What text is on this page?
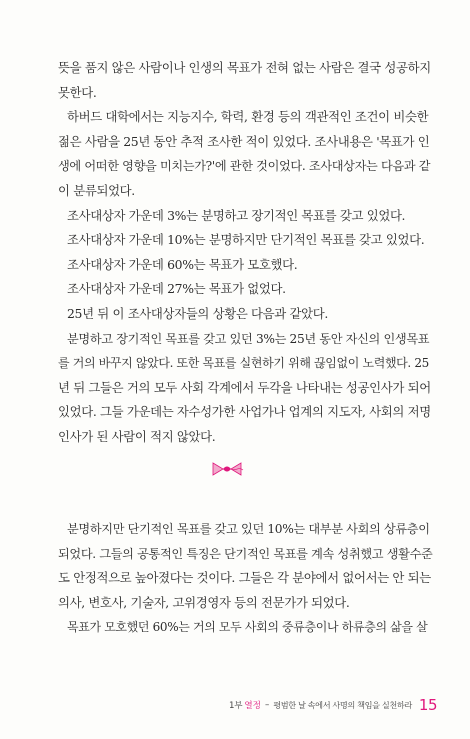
뜻을 품지 않은 사람이나 인생의 목표가 전혀 없는 사람은 결국 성공하지
못한다.
하버드 대학에서는 지능지수, 학력, 환경 등의 객관적인 조건이 비슷한
젊은 사람을 25년 동안 추적 조사한 적이 있었다. 조사내용은 '목표가 인
생에 어떠한 영향을 미치는가?'에 관한 것이었다. 조사대상자는 다음과 같
이 분류되었다.
조사대상자 가운데 3%는 분명하고 장기적인 목표를 갖고 있었다.
조사대상자 가운데 10%는 분명하지만 단기적인 목표를 갖고 있었다.
조사대상자 가운데 60%는 목표가 모호했다.
조사대상자 가운데 27%는 목표가 없었다.
25년 뒤 이 조사대상자들의 상황은 다음과 같았다.
분명하고 장기적인 목표를 갖고 있던 3%는 25년 동안 자신의 인생목표
를 거의 바꾸지 않았다. 또한 목표를 실현하기 위해 끊임없이 노력했다. 25
년 뒤 그들은 거의 모두 사회 각계에서 두각을 나타내는 성공인사가 되어
있었다. 그들 가운데는 자수성가한 사업가나 업계의 지도자, 사회의 저명
인사가 된 사람이 적지 않았다.
분명하지만 단기적인 목표를 갖고 있던 10%는 대부분 사회의 상류층이
되었다. 그들의 공통적인 특징은 단기적인 목표를 계속 성취했고 생활수준
도 안정적으로 높아졌다는 것이다. 그들은 각 분야에서 없어서는 안 되는
의사, 변호사, 기술자, 고위경영자 등의 전문가가 되었다.
목표가 모호했던 60%는 거의 모두 사회의 중류층이나 하류층의 삶을 살
1부 열정 – 평범한 날 속에서 사명의 책임을 실천하라 15
